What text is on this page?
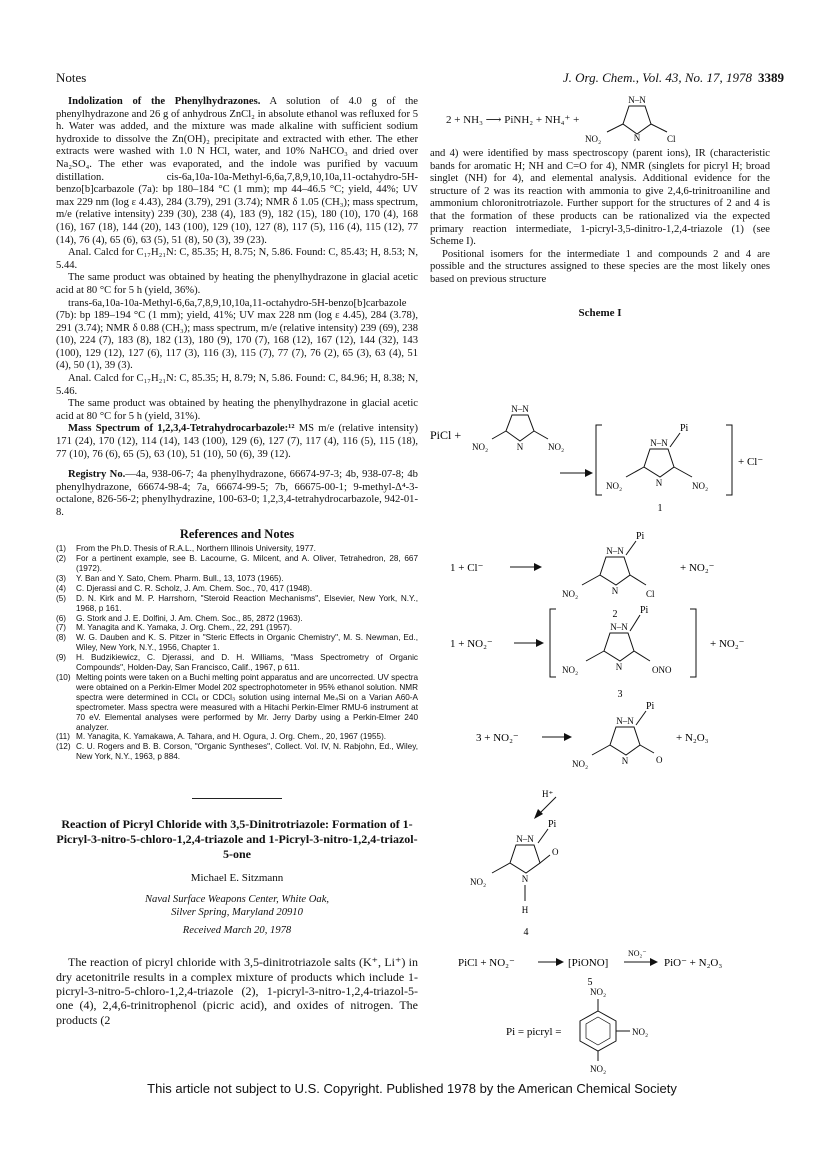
Notes	J. Org. Chem., Vol. 43, No. 17, 1978 3389

Indolization of the Phenylhydrazones. A solution of 4.0 g of the phenylhydrazone and 26 g of anhydrous ZnCl₂ in absolute ethanol was refluxed for 5 h. Water was added, and the mixture was made alkaline with sufficient sodium hydroxide to dissolve the Zn(OH)₂ precipitate and extracted with ether. The ether extracts were washed with 1.0 N HCl, water, and 10% NaHCO₃ and dried over Na₂SO₄. The ether was evaporated, and the indole was purified by vacuum distillation. cis-6a,10a-10a-Methyl-6,6a,7,8,9,10,10a,11-octahydro-5H-benzo[b]carbazole (7a): bp 180–184 °C (1 mm); mp 44–46.5 °C; yield, 44%; UV max 229 nm (log ε 4.43), 284 (3.79), 291 (3.74); NMR δ 1.05 (CH₃); mass spectrum, m/e (relative intensity) 239 (30), 238 (4), 183 (9), 182 (15), 180 (10), 170 (4), 168 (16), 167 (18), 144 (20), 143 (100), 129 (10), 127 (8), 117 (5), 116 (4), 115 (12), 77 (14), 76 (4), 65 (6), 63 (5), 51 (8), 50 (3), 39 (23).

Anal. Calcd for C₁₇H₂₁N: C, 85.35; H, 8.75; N, 5.86. Found: C, 85.43; H, 8.53; N, 5.44.

The same product was obtained by heating the phenylhydrazone in glacial acetic acid at 80 °C for 5 h (yield, 36%).

trans-6a,10a-10a-Methyl-6,6a,7,8,9,10,10a,11-octahydro-5H-benzo[b]carbazole (7b): bp 189–194 °C (1 mm); yield, 41%; UV max 228 nm (log ε 4.45), 284 (3.78), 291 (3.74); NMR δ 0.88 (CH₃); mass spectrum, m/e (relative intensity) 239 (69), 238 (10), 224 (7), 183 (8), 182 (13), 180 (9), 170 (7), 168 (12), 167 (12), 144 (32), 143 (100), 129 (12), 127 (6), 117 (3), 116 (3), 115 (7), 77 (7), 76 (2), 65 (3), 63 (4), 51 (4), 50 (1), 39 (3).

Anal. Calcd for C₁₇H₂₁N: C, 85.35; H, 8.79; N, 5.86. Found: C, 84.96; H, 8.38; N, 5.46.

The same product was obtained by heating the phenylhydrazone in glacial acetic acid at 80 °C for 5 h (yield, 31%).

Mass Spectrum of 1,2,3,4-Tetrahydrocarbazole:¹² MS m/e (relative intensity) 171 (24), 170 (12), 114 (14), 143 (100), 129 (6), 127 (7), 117 (4), 116 (5), 115 (18), 77 (10), 76 (6), 65 (5), 63 (10), 51 (10), 50 (6), 39 (12).

Registry No.—4a, 938-06-7; 4a phenylhydrazone, 66674-97-3; 4b, 938-07-8; 4b phenylhydrazone, 66674-98-4; 7a, 66674-99-5; 7b, 66675-00-1; 9-methyl-Δ⁴-3-octalone, 826-56-2; phenylhydrazine, 100-63-0; 1,2,3,4-tetrahydrocarbazole, 942-01-8.

References and Notes
(1)	From the Ph.D. Thesis of R.A.L., Northern Illinois University, 1977.
(2)	For a pertinent example, see B. Lacourne, G. Milcent, and A. Oliver, Tetrahedron, 28, 667 (1972).
(3)	Y. Ban and Y. Sato, Chem. Pharm. Bull., 13, 1073 (1965).
(4)	C. Djerassi and C. R. Scholz, J. Am. Chem. Soc., 70, 417 (1948).
(5)	D. N. Kirk and M. P. Harrshorn, "Steroid Reaction Mechanisms", Elsevier, New York, N.Y., 1968, p 161.
(6)	G. Stork and J. E. Dolfini, J. Am. Chem. Soc., 85, 2872 (1963).
(7)	M. Yanagita and K. Yamaka, J. Org. Chem., 22, 291 (1957).
(8)	W. G. Dauben and K. S. Pitzer in "Steric Effects in Organic Chemistry", M. S. Newman, Ed., Wiley, New York, N.Y., 1956, Chapter 1.
(9)	H. Budzikiewicz, C. Djerassi, and D. H. Williams, "Mass Spectrometry of Organic Compounds", Holden-Day, San Francisco, Calif., 1967, p 611.
(10) Melting points were taken on a Buchi melting point apparatus and are uncorrected. UV spectra were obtained on a Perkin-Elmer Model 202 spectrophotometer in 95% ethanol solution. NMR spectra were determined in CCl₄ or CDCl₃ solution using internal Me₄Si on a Varian A60-A spectrometer. Mass spectra were measured with a Hitachi Perkin-Elmer RMU-6 instrument at 70 eV. Elemental analyses were performed by Mr. Jerry Darby using a Perkin-Elmer 240 analyzer.
(11) M. Yanagita, K. Yamakawa, A. Tahara, and H. Ogura, J. Org. Chem., 20, 1967 (1955).
(12) C. U. Rogers and B. B. Corson, "Organic Syntheses", Collect. Vol. IV, N. Rabjohn, Ed., Wiley, New York, N.Y., 1963, p 884.
Reaction of Picryl Chloride with 3,5-Dinitrotriazole: Formation of 1-Picryl-3-nitro-5-chloro-1,2,4-triazole and 1-Picryl-3-nitro-1,2,4-triazol-5-one
Michael E. Sitzmann
Naval Surface Weapons Center, White Oak,
Silver Spring, Maryland 20910
Received March 20, 1978

The reaction of picryl chloride with 3,5-dinitrotriazole salts (K⁺, Li⁺) in dry acetonitrile results in a complex mixture of products which include 1-picryl-3-nitro-5-chloro-1,2,4-triazole (2), 1-picryl-3-nitro-1,2,4-triazol-5-one (4), 2,4,6-trinitrophenol (picric acid), and oxides of nitrogen. The products (2

2 + NH₃ ⟶ PiNH₂ + NH₄⁺ +
N–N
N
NO₂	Cl

and 4) were identified by mass spectroscopy (parent ions), IR (characteristic bands for aromatic H; NH and C=O for 4), NMR (singlets for picryl H; broad singlet (NH) for 4), and elemental analysis. Additional evidence for the structure of 2 was its reaction with ammonia to give 2,4,6-trinitroaniline and ammonium chloronitrotriazole. Further support for the structures of 2 and 4 is that the formation of these products can be rationalized via the expected primary reaction intermediate, 1-picryl-3,5-dinitro-1,2,4-triazole (1) (see Scheme I).

Positional isomers for the intermediate 1 and compounds 2 and 4 are possible and the structures assigned to these species are the most likely ones based on previous structure

Scheme I
PiCl +
N–N
N
NO₂	NO₂
Pi
N–N
N
NO₂	NO₂
+ Cl⁻
1
1 + Cl⁻
Pi
N–N
N
NO₂	Cl
+ NO₂⁻
2
1 + NO₂⁻
Pi
N–N
N
NO₂	ONO
+ NO₂⁻
3
3 + NO₂⁻
Pi
N–N
N
NO₂	O
+ N₂O₃
H⁺
Pi
N–N
N
NO₂
O
H
4
PiCl + NO₂⁻	[PiONO]
NO₂⁻
PiO⁻ + N₂O₃
5
Pi = picryl =
NO₂
NO₂
NO₂
This article not subject to U.S. Copyright. Published 1978 by the American Chemical Society
